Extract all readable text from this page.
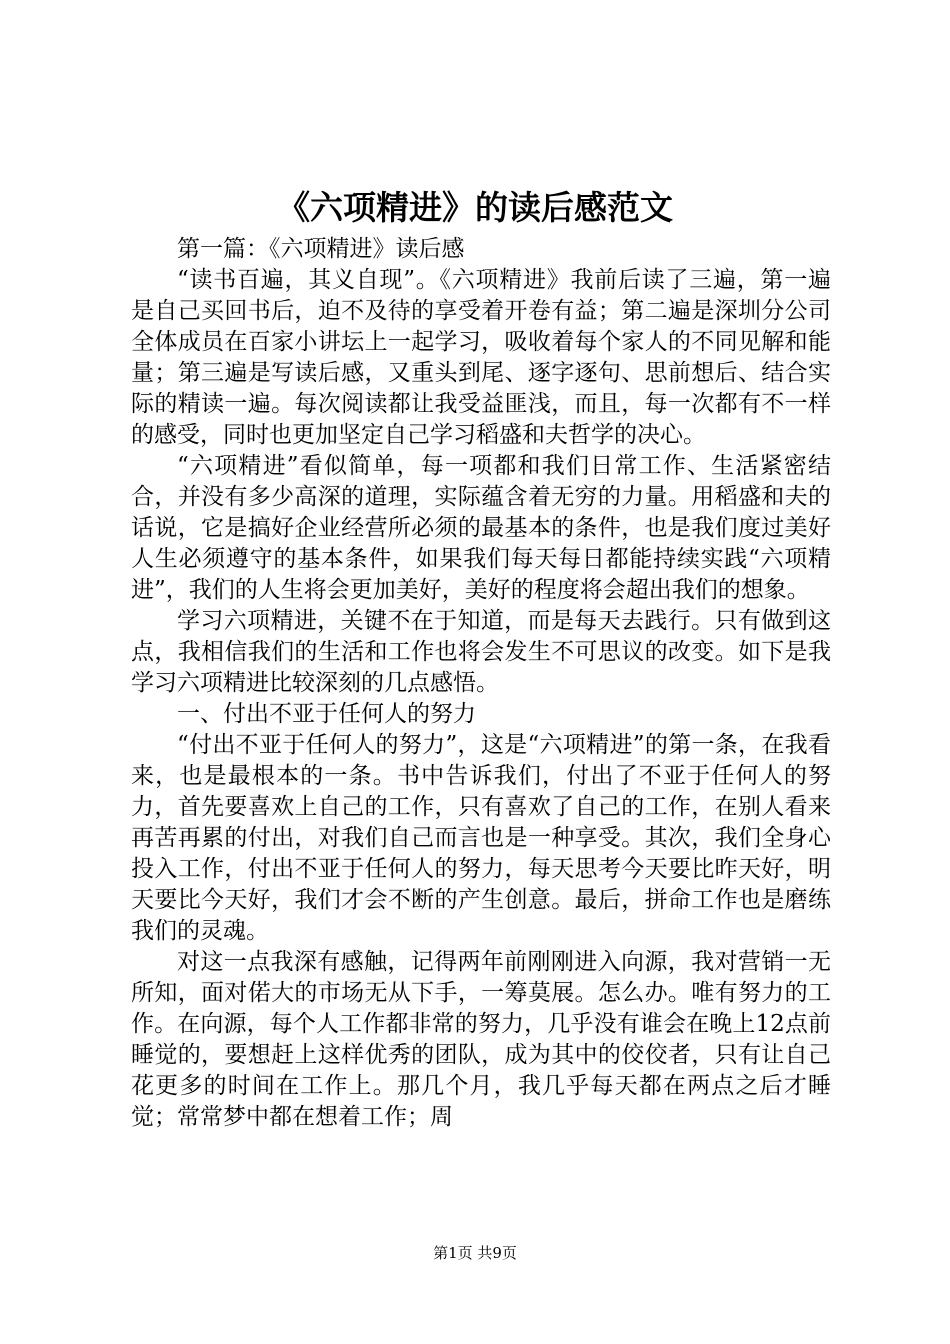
《六项精进》的读后感范文

第一篇：《六项精进》读后感

“读书百遍，其义自现”。《六项精进》我前后读了三遍，第一遍是自己买回书后，迫不及待的享受着开卷有益；第二遍是深圳分公司全体成员在百家小讲坛上一起学习，吸收着每个家人的不同见解和能量；第三遍是写读后感，又重头到尾、逐字逐句、思前想后、结合实际的精读一遍。每次阅读都让我受益匪浅，而且，每一次都有不一样的感受，同时也更加坚定自己学习稻盛和夫哲学的决心。

“六项精进”看似简单，每一项都和我们日常工作、生活紧密结合，并没有多少高深的道理，实际蕴含着无穷的力量。用稻盛和夫的话说，它是搞好企业经营所必须的最基本的条件，也是我们度过美好人生必须遵守的基本条件，如果我们每天每日都能持续实践“六项精进”，我们的人生将会更加美好，美好的程度将会超出我们的想象。

学习六项精进，关键不在于知道，而是每天去践行。只有做到这点，我相信我们的生活和工作也将会发生不可思议的改变。如下是我学习六项精进比较深刻的几点感悟。

一、付出不亚于任何人的努力

“付出不亚于任何人的努力”，这是“六项精进”的第一条，在我看来，也是最根本的一条。书中告诉我们，付出了不亚于任何人的努力，首先要喜欢上自己的工作，只有喜欢了自己的工作，在别人看来再苦再累的付出，对我们自己而言也是一种享受。其次，我们全身心投入工作，付出不亚于任何人的努力，每天思考今天要比昨天好，明天要比今天好，我们才会不断的产生创意。最后，拼命工作也是磨练我们的灵魂。

对这一点我深有感触，记得两年前刚刚进入向源，我对营销一无所知，面对偌大的市场无从下手，一筹莫展。怎么办。唯有努力的工作。在向源，每个人工作都非常的努力，几乎没有谁会在晚上12点前睡觉的，要想赶上这样优秀的团队，成为其中的佼佼者，只有让自己花更多的时间在工作上。那几个月，我几乎每天都在两点之后才睡觉；常常梦中都在想着工作；周

第1页 共9页
